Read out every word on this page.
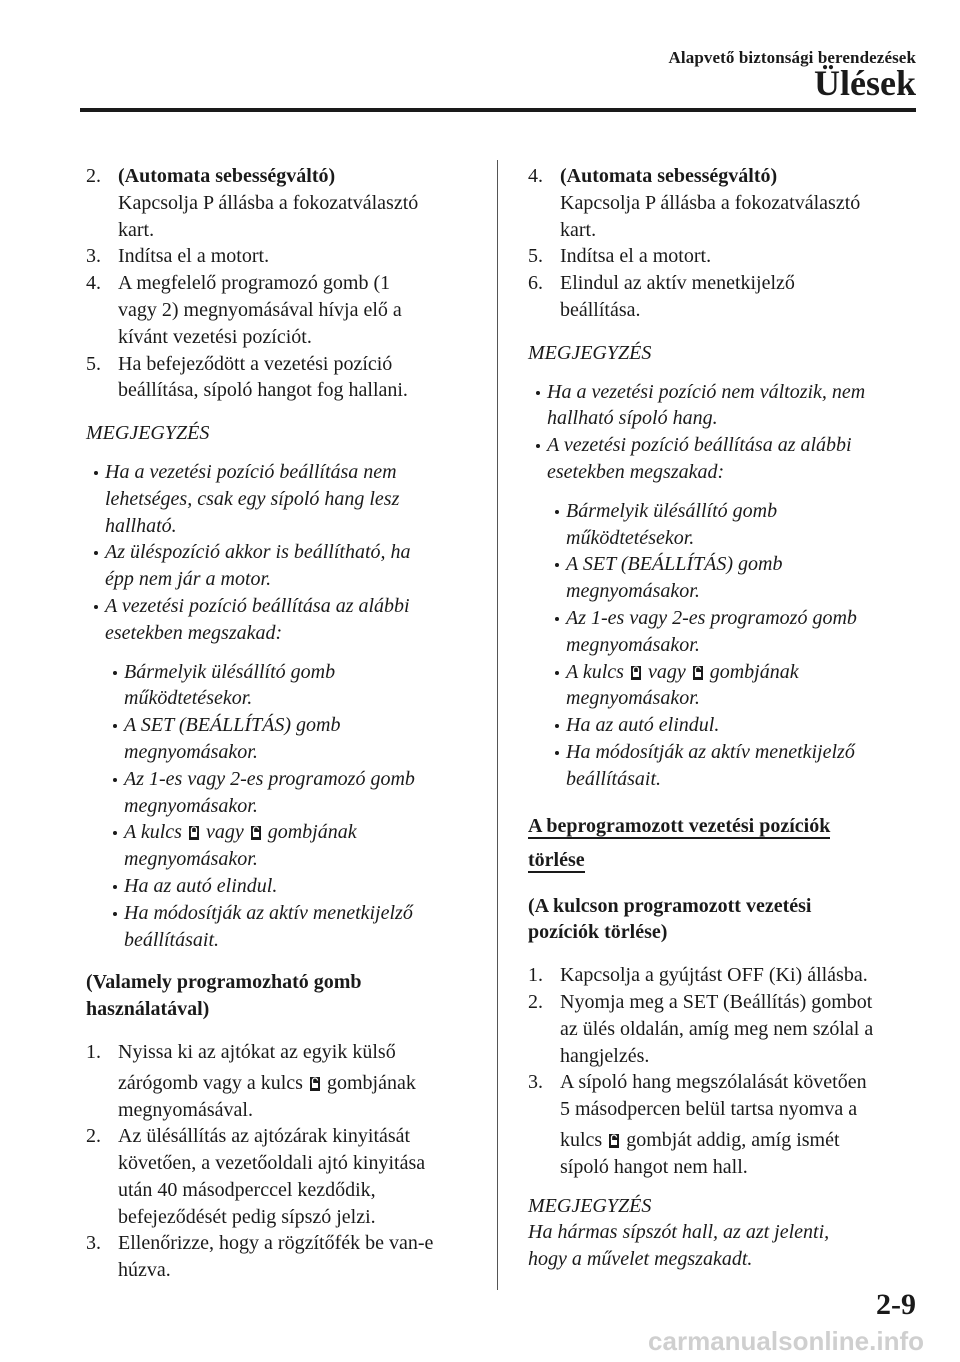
Alapvető biztonsági berendezések
Ülések
2. (Automata sebességváltó)
Kapcsolja P állásba a fokozatválasztó
kart.
3. Indítsa el a motort.
4. A megfelelő programozó gomb (1
vagy 2) megnyomásával hívja elő a
kívánt vezetési pozíciót.
5. Ha befejeződött a vezetési pozíció
beállítása, sípoló hangot fog hallani.
MEGJEGYZÉS
Ha a vezetési pozíció beállítása nem
lehetséges, csak egy sípoló hang lesz
hallható.
Az üléspozíció akkor is beállítható, ha
épp nem jár a motor.
A vezetési pozíció beállítása az alábbi
esetekben megszakad:
Bármelyik ülésállító gomb
működtetésekor.
A SET (BEÁLLÍTÁS) gomb
megnyomásakor.
Az 1-es vagy 2-es programozó gomb
megnyomásakor.
A kulcs vagy gombjának
megnyomásakor.
Ha az autó elindul.
Ha módosítják az aktív menetkijelző
beállításait.
(Valamely programozható gomb
használatával)
1. Nyissa ki az ajtókat az egyik külső
zárógomb vagy a kulcs gombjának
megnyomásával.
2. Az ülésállítás az ajtózárak kinyitását
követően, a vezetőoldali ajtó kinyitása
után 40 másodperccel kezdődik,
befejeződését pedig sípszó jelzi.
3. Ellenőrizze, hogy a rögzítőfék be van-e
húzva.
4. (Automata sebességváltó)
Kapcsolja P állásba a fokozatválasztó
kart.
5. Indítsa el a motort.
6. Elindul az aktív menetkijelző
beállítása.
MEGJEGYZÉS
Ha a vezetési pozíció nem változik, nem
hallható sípoló hang.
A vezetési pozíció beállítása az alábbi
esetekben megszakad:
Bármelyik ülésállító gomb
működtetésekor.
A SET (BEÁLLÍTÁS) gomb
megnyomásakor.
Az 1-es vagy 2-es programozó gomb
megnyomásakor.
A kulcs vagy gombjának
megnyomásakor.
Ha az autó elindul.
Ha módosítják az aktív menetkijelző
beállításait.
A beprogramozott vezetési pozíciók
törlése
(A kulcson programozott vezetési
pozíciók törlése)
1. Kapcsolja a gyújtást OFF (Ki) állásba.
2. Nyomja meg a SET (Beállítás) gombot
az ülés oldalán, amíg meg nem szólal a
hangjelzés.
3. A sípoló hang megszólalását követően
5 másodpercen belül tartsa nyomva a
kulcs gombját addig, amíg ismét
sípoló hangot nem hall.
MEGJEGYZÉS
Ha hármas sípszót hall, az azt jelenti,
hogy a művelet megszakadt.
2-9
carmanualsonline.info
